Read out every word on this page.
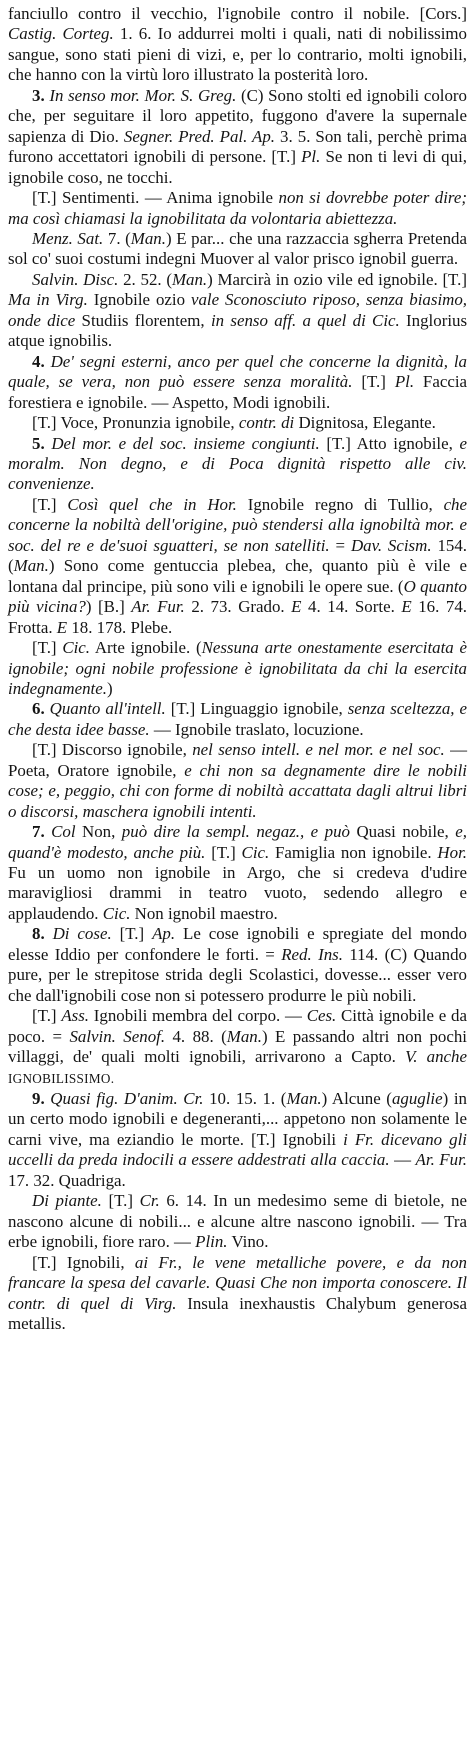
fanciullo contro il vecchio, l'ignobile contro il nobile. [Cors.] Castig. Corteg. 1. 6. Io addurrei molti i quali, nati di nobilissimo sangue, sono stati pieni di vizi, e, per lo contrario, molti ignobili, che hanno con la virtù loro illustrato la posterità loro.

3. In senso mor. Mor. S. Greg. (C) Sono stolti ed ignobili coloro che, per seguitare il loro appetito, fuggono d'avere la supernale sapienza di Dio. Segner. Pred. Pal. Ap. 3. 5. Son tali, perchè prima furono accettatori ignobili di persone. [T.] Pl. Se non ti levi di qui, ignobile coso, ne tocchi.

[T.] Sentimenti. — Anima ignobile non si dovrebbe poter dire; ma così chiamasi la ignobilitata da volontaria abiettezza.

Menz. Sat. 7. (Man.) E par... che una razzaccia sgherra Pretenda sol co' suoi costumi indegni Muover al valor prisco ignobil guerra.

Salvin. Disc. 2. 52. (Man.) Marcirà in ozio vile ed ignobile. [T.] Ma in Virg. Ignobile ozio vale Sconosciuto riposo, senza biasimo, onde dice Studiis florentem, in senso aff. a quel di Cic. Inglorius atque ignobilis.

4. De' segni esterni, anco per quel che concerne la dignità, la quale, se vera, non può essere senza moralità. [T.] Pl. Faccia forestiera e ignobile. — Aspetto, Modi ignobili.

[T.] Voce, Pronunzia ignobile, contr. di Dignitosa, Elegante.

5. Del mor. e del soc. insieme congiunti. [T.] Atto ignobile, e moralm. Non degno, e di Poca dignità rispetto alle civ. convenienze.

[T.] Così quel che in Hor. Ignobile regno di Tullio, che concerne la nobiltà dell'origine, può stendersi alla ignobiltà mor. e soc. del re e de'suoi sguatteri, se non satelliti. = Dav. Scism. 154. (Man.) Sono come gentuccia plebea, che, quanto più è vile e lontana dal principe, più sono vili e ignobili le opere sue. (O quanto più vicina?) [B.] Ar. Fur. 2. 73. Grado. E 4. 14. Sorte. E 16. 74. Frotta. E 18. 178. Plebe.

[T.] Cic. Arte ignobile. (Nessuna arte onestamente esercitata è ignobile; ogni nobile professione è ignobilitata da chi la esercita indegnamente.)

6. Quanto all'intell. [T.] Linguaggio ignobile, senza sceltezza, e che desta idee basse. — Ignobile traslato, locuzione.

[T.] Discorso ignobile, nel senso intell. e nel mor. e nel soc. — Poeta, Oratore ignobile, e chi non sa degnamente dire le nobili cose; e, peggio, chi con forme di nobiltà accattata dagli altrui libri o discorsi, maschera ignobili intenti.

7. Col Non, può dire la sempl. negaz., e può Quasi nobile, e, quand'è modesto, anche più. [T.] Cic. Famiglia non ignobile. Hor. Fu un uomo non ignobile in Argo, che si credeva d'udire maravigliosi drammi in teatro vuoto, sedendo allegro e applaudendo. Cic. Non ignobil maestro.

8. Di cose. [T.] Ap. Le cose ignobili e spregiate del mondo elesse Iddio per confondere le forti. = Red. Ins. 114. (C) Quando pure, per le strepitose strida degli Scolastici, dovesse... esser vero che dall'ignobili cose non si potessero produrre le più nobili.

[T.] Ass. Ignobili membra del corpo. — Ces. Città ignobile e da poco. = Salvin. Senof. 4. 88. (Man.) E passando altri non pochi villaggi, de' quali molti ignobili, arrivarono a Capto. V. anche IGNOBILISSIMO.

9. Quasi fig. D'anim. Cr. 10. 15. 1. (Man.) Alcune (aguglie) in un certo modo ignobili e degeneranti,... appetono non solamente le carni vive, ma eziandio le morte. [T.] Ignobili i Fr. dicevano gli uccelli da preda indocili a essere addestrati alla caccia. — Ar. Fur. 17. 32. Quadriga.

Di piante. [T.] Cr. 6. 14. In un medesimo seme di bietole, ne nascono alcune di nobili... e alcune altre nascono ignobili. — Tra erbe ignobili, fiore raro. — Plin. Vino.

[T.] Ignobili, ai Fr., le vene metalliche povere, e da non francare la spesa del cavarle. Quasi Che non importa conoscere. Il contr. di quel di Virg. Insula inexhaustis Chalybum generosa metallis.
